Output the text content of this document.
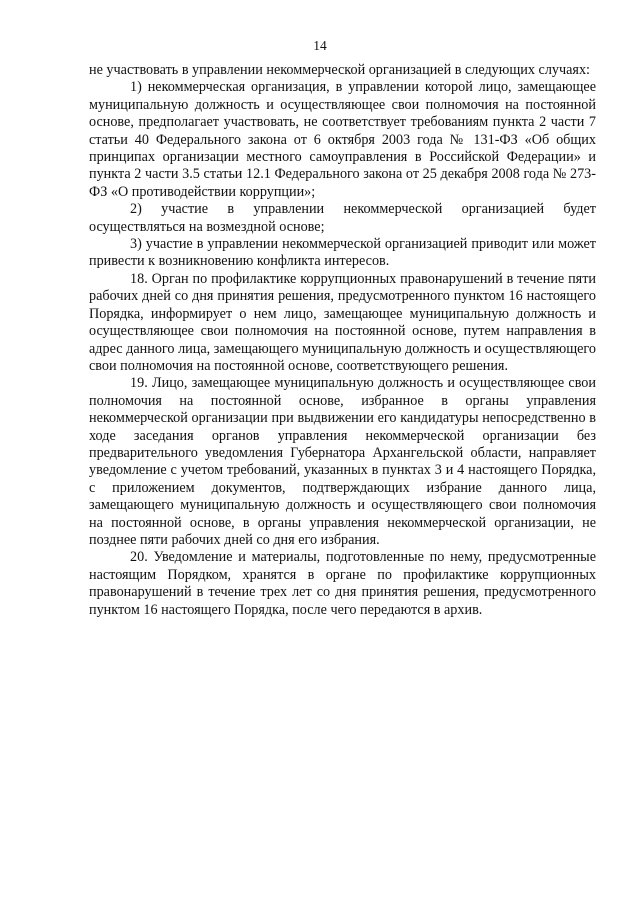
14

не участвовать в управлении некоммерческой организацией в следующих случаях:

1) некоммерческая организация, в управлении которой лицо, замещающее муниципальную должность и осуществляющее свои полномочия на постоянной основе, предполагает участвовать, не соответствует требованиям пункта 2 части 7 статьи 40 Федерального закона от 6 октября 2003 года № 131-ФЗ «Об общих принципах организации местного самоуправления в Российской Федерации» и пункта 2 части 3.5 статьи 12.1 Федерального закона от 25 декабря 2008 года № 273-ФЗ «О противодействии коррупции»;

2) участие в управлении некоммерческой организацией будет осуществляться на возмездной основе;

3) участие в управлении некоммерческой организацией приводит или может привести к возникновению конфликта интересов.

18. Орган по профилактике коррупционных правонарушений в течение пяти рабочих дней со дня принятия решения, предусмотренного пунктом 16 настоящего Порядка, информирует о нем лицо, замещающее муниципальную должность и осуществляющее свои полномочия на постоянной основе, путем направления в адрес данного лица, замещающего муниципальную должность и осуществляющего свои полномочия на постоянной основе, соответствующего решения.

19. Лицо, замещающее муниципальную должность и осуществляющее свои полномочия на постоянной основе, избранное в органы управления некоммерческой организации при выдвижении его кандидатуры непосредственно в ходе заседания органов управления некоммерческой организации без предварительного уведомления Губернатора Архангельской области, направляет уведомление с учетом требований, указанных в пунктах 3 и 4 настоящего Порядка, с приложением документов, подтверждающих избрание данного лица, замещающего муниципальную должность и осуществляющего свои полномочия на постоянной основе, в органы управления некоммерческой организации, не позднее пяти рабочих дней со дня его избрания.

20. Уведомление и материалы, подготовленные по нему, предусмотренные настоящим Порядком, хранятся в органе по профилактике коррупционных правонарушений в течение трех лет со дня принятия решения, предусмотренного пунктом 16 настоящего Порядка, после чего передаются в архив.
